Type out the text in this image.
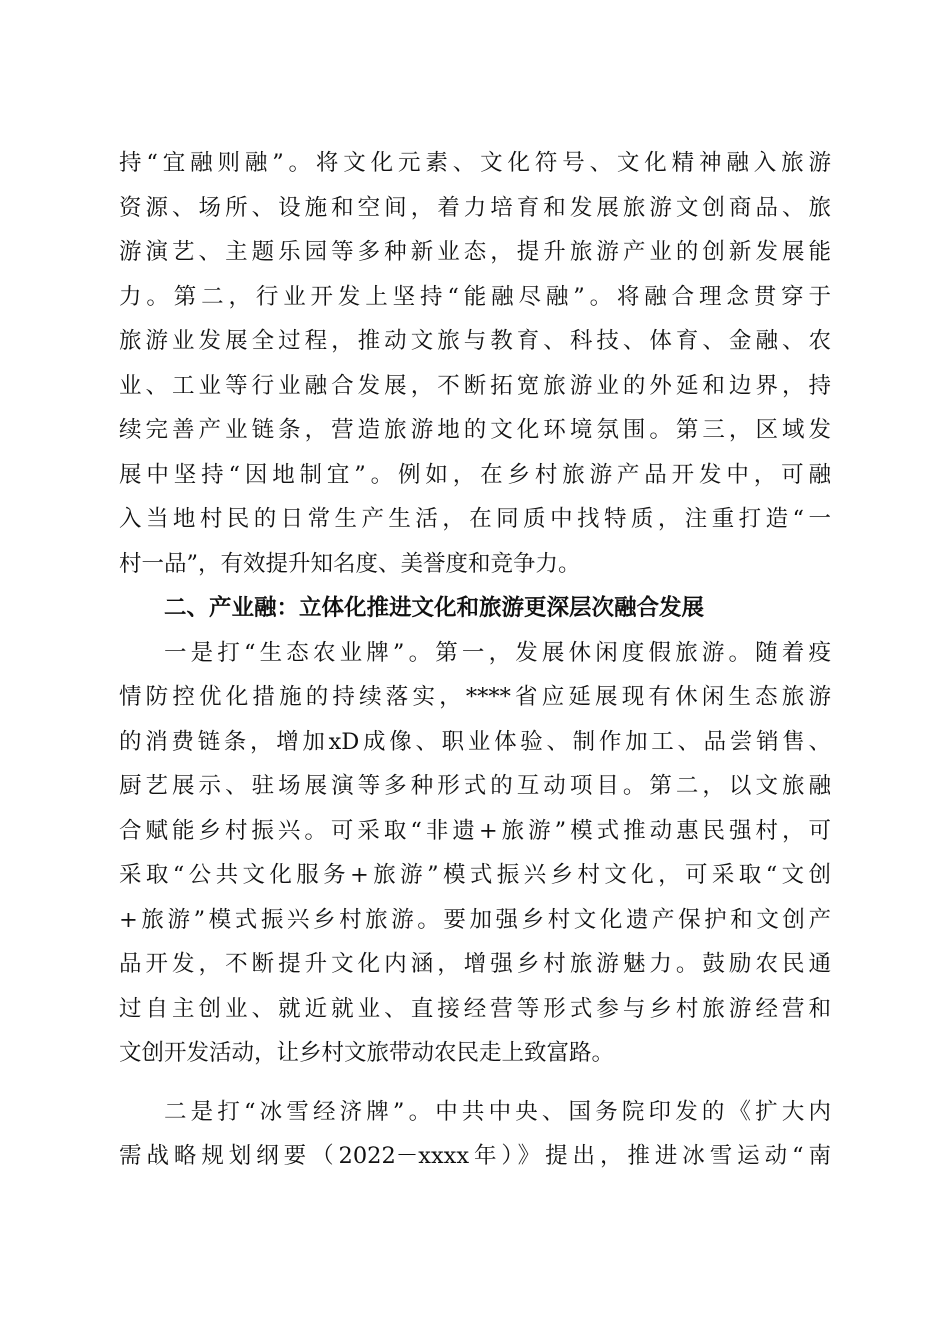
持“宜融则融”。将文化元素、文化符号、文化精神融入旅游
资源、场所、设施和空间，着力培育和发展旅游文创商品、旅
游演艺、主题乐园等多种新业态，提升旅游产业的创新发展能
力。第二，行业开发上坚持“能融尽融”。将融合理念贯穿于
旅游业发展全过程，推动文旅与教育、科技、体育、金融、农
业、工业等行业融合发展，不断拓宽旅游业的外延和边界，持
续完善产业链条，营造旅游地的文化环境氛围。第三，区域发
展中坚持“因地制宜”。例如，在乡村旅游产品开发中，可融
入当地村民的日常生产生活，在同质中找特质，注重打造“一
村一品”，有效提升知名度、美誉度和竞争力。
二、产业融：立体化推进文化和旅游更深层次融合发展
一是打“生态农业牌”。第一，发展休闲度假旅游。随着疫
情防控优化措施的持续落实，****省应延展现有休闲生态旅游
的消费链条，增加xD成像、职业体验、制作加工、品尝销售、
厨艺展示、驻场展演等多种形式的互动项目。第二，以文旅融
合赋能乡村振兴。可采取“非遗+旅游”模式推动惠民强村，可
采取“公共文化服务+旅游”模式振兴乡村文化，可采取“文创
+旅游”模式振兴乡村旅游。要加强乡村文化遗产保护和文创产
品开发，不断提升文化内涵，增强乡村旅游魅力。鼓励农民通
过自主创业、就近就业、直接经营等形式参与乡村旅游经营和
文创开发活动，让乡村文旅带动农民走上致富路。
二是打“冰雪经济牌”。中共中央、国务院印发的《扩大内
需战略规划纲要（2022－xxxx年）》提出，推进冰雪运动“南
